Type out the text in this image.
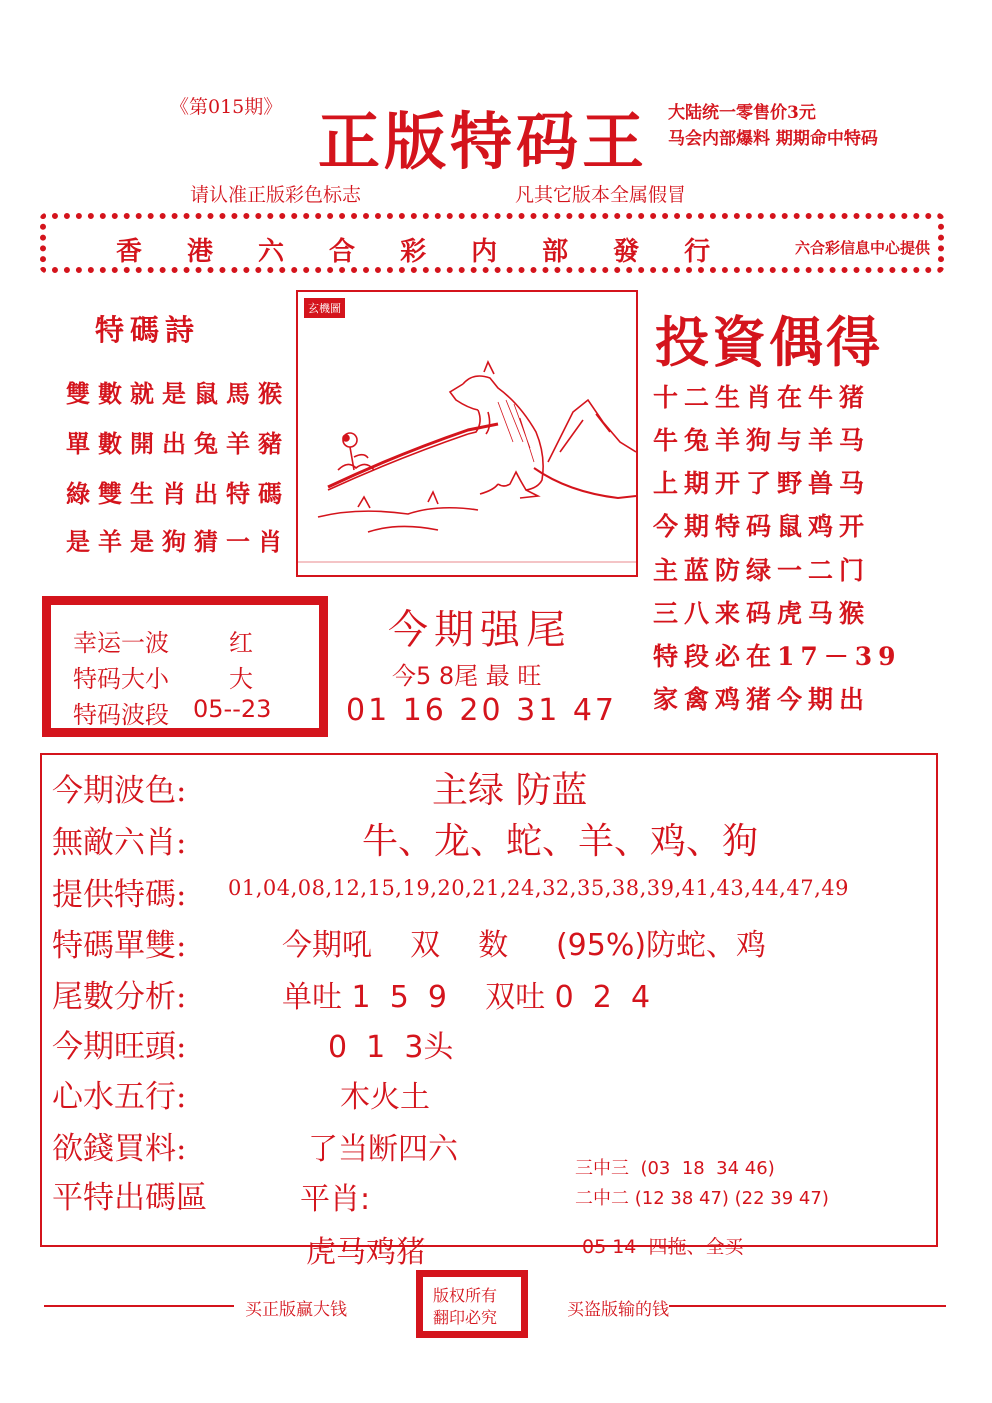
《第015期》 正版特码王 大陆统一零售价3元
马会内部爆料 期期命中特码
请认准正版彩色标志	凡其它版本全属假冒
香 港 六 合 彩 内 部 發 行	六合彩信息中心提供
特碼詩
雙數就是鼠馬猴
單數開出兔羊豬
綠雙生肖出特碼
是羊是狗猜一肖
玄機圖
投資偶得
十二生肖在牛猪
牛兔羊狗与羊马
上期开了野兽马
今期特码鼠鸡开
主蓝防绿一二门
三八来码虎马猴
特段必在17－39
家禽鸡猪今期出
幸运一波	红
特码大小	大
特码波段 05--23
今期强尾
今5 8尾 最 旺
01 16 20 31 47
今期波色:	主绿 防蓝
無敵六肖:	牛、龙、蛇、羊、鸡、狗
提供特碼: 01,04,08,12,15,19,20,21,24,32,35,38,39,41,43,44,47,49
特碼單雙:	今期吼    双    数     (95%)防蛇、鸡
尾數分析:	单吐 1  5  9    双吐 0  2  4
今期旺頭:	0  1  3头
心水五行:	木火土
欲錢買料:	了当断四六
平特出碼區	平肖:
虎马鸡猪
三中三  (03  18  34 46)
二中二 (12 38 47) (22 39 47)
05 14  四拖、全买
买正版赢大钱	买盗版输的钱
版权所有
翻印必究
